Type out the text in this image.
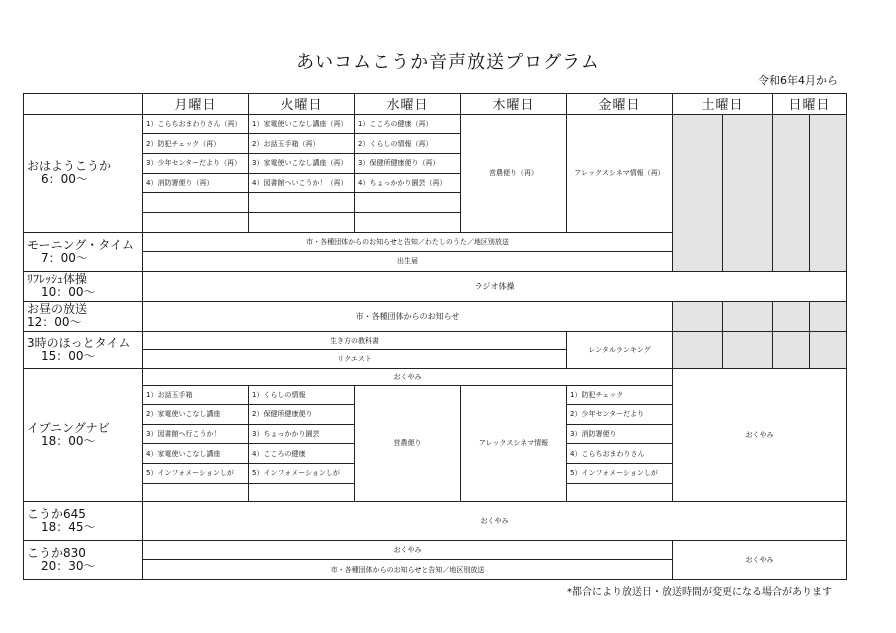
あいコムこうか音声放送プログラム
令和6年4月から
	月曜日	火曜日	水曜日	木曜日	金曜日	土曜日		日曜日	
おはようこうか
6：00～	1）こらちおまわりさん（再）	1）家電使いこなし講座（再）	1）こころの健康（再）	営農便り（再）	アレックスシネマ情報（再）				
	2）防犯チェック（再）	2）お話玉手箱（再）	2）くらしの情報（再）						
	3）少年センターだより（再）	3）家電使いこなし講座（再）	3）保健所健康便り（再）						
	4）消防署便り（再）	4）図書館へいこうか！（再）	4）ちょっかかり園芸（再）						

モーニング・タイム
7：00～	市・各種団体からのお知らせと告知／わたしのうた／地区別放送								
	出生届								
ﾘﾌﾚｯｼｭ体操
10：00～	ラジオ体操								
お昼の放送
12：00～	市・各種団体からのお知らせ								
3時のほっとタイム
15：00～	生き方の教科書				レンタルランキング				
	リクエスト								
イブニングナビ
18：00～	おくやみ					おくやみ			
	1）お話玉手箱	1）くらしの情報	営農便り	アレックスシネマ情報	1）防犯チェック				
	2）家電使いこなし講座	2）保健所健康便り			2）少年センターだより				
	3）図書館へ行こうか！	3）ちょっかかり園芸			3）消防署便り				
	4）家電使いこなし講座	4）こころの健康			4）こらちおまわりさん				
	5）インフォメーションしが	5）インフォメーションしが			5）インフォメーションしが				

こうか645
18：45～	おくやみ								
こうか830
20：30～	おくやみ					おくやみ			
	市・各種団体からのお知らせと告知／地区別放送								
*都合により放送日・放送時間が変更になる場合があります
